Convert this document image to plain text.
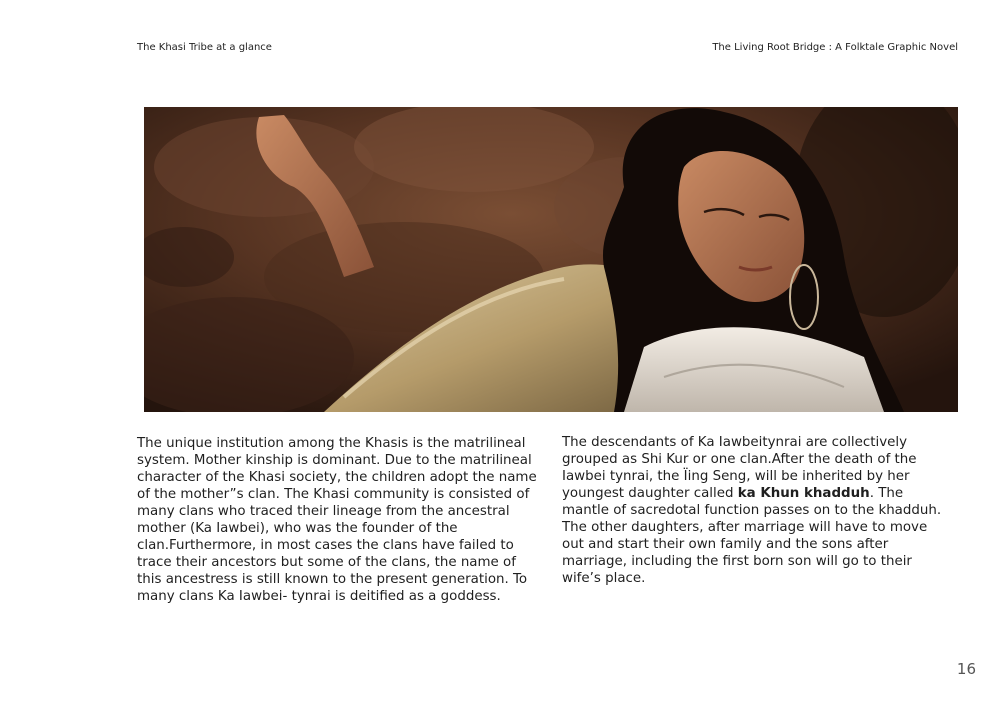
The Khasi Tribe at a glance	The Living Root Bridge : A Folktale Graphic Novel

The unique institution among the Khasis is the matrilineal system. Mother kinship is dominant. Due to the matrilineal character of the Khasi society, the children adopt the name of the mother”s clan. The Khasi community is consisted of many clans who traced their lineage from the ancestral mother (Ka Iawbei), who was the founder of the clan.Furthermore, in most cases the clans have failed to trace their ancestors but some of the clans, the name of this ancestress is still known to the present generation. To many clans Ka Iawbei- tynrai is deitified as a goddess.

The descendants of Ka Iawbeitynrai are collectively grouped as Shi Kur or one clan.After the death of the Iawbei tynrai, the Ïing Seng, will be inherited by her youngest daughter called ka Khun khadduh. The mantle of sacredotal function passes on to the khadduh. The other daughters, after marriage will have to move out and start their own family and the sons after marriage, including the first born son will go to their wife’s place.

16
